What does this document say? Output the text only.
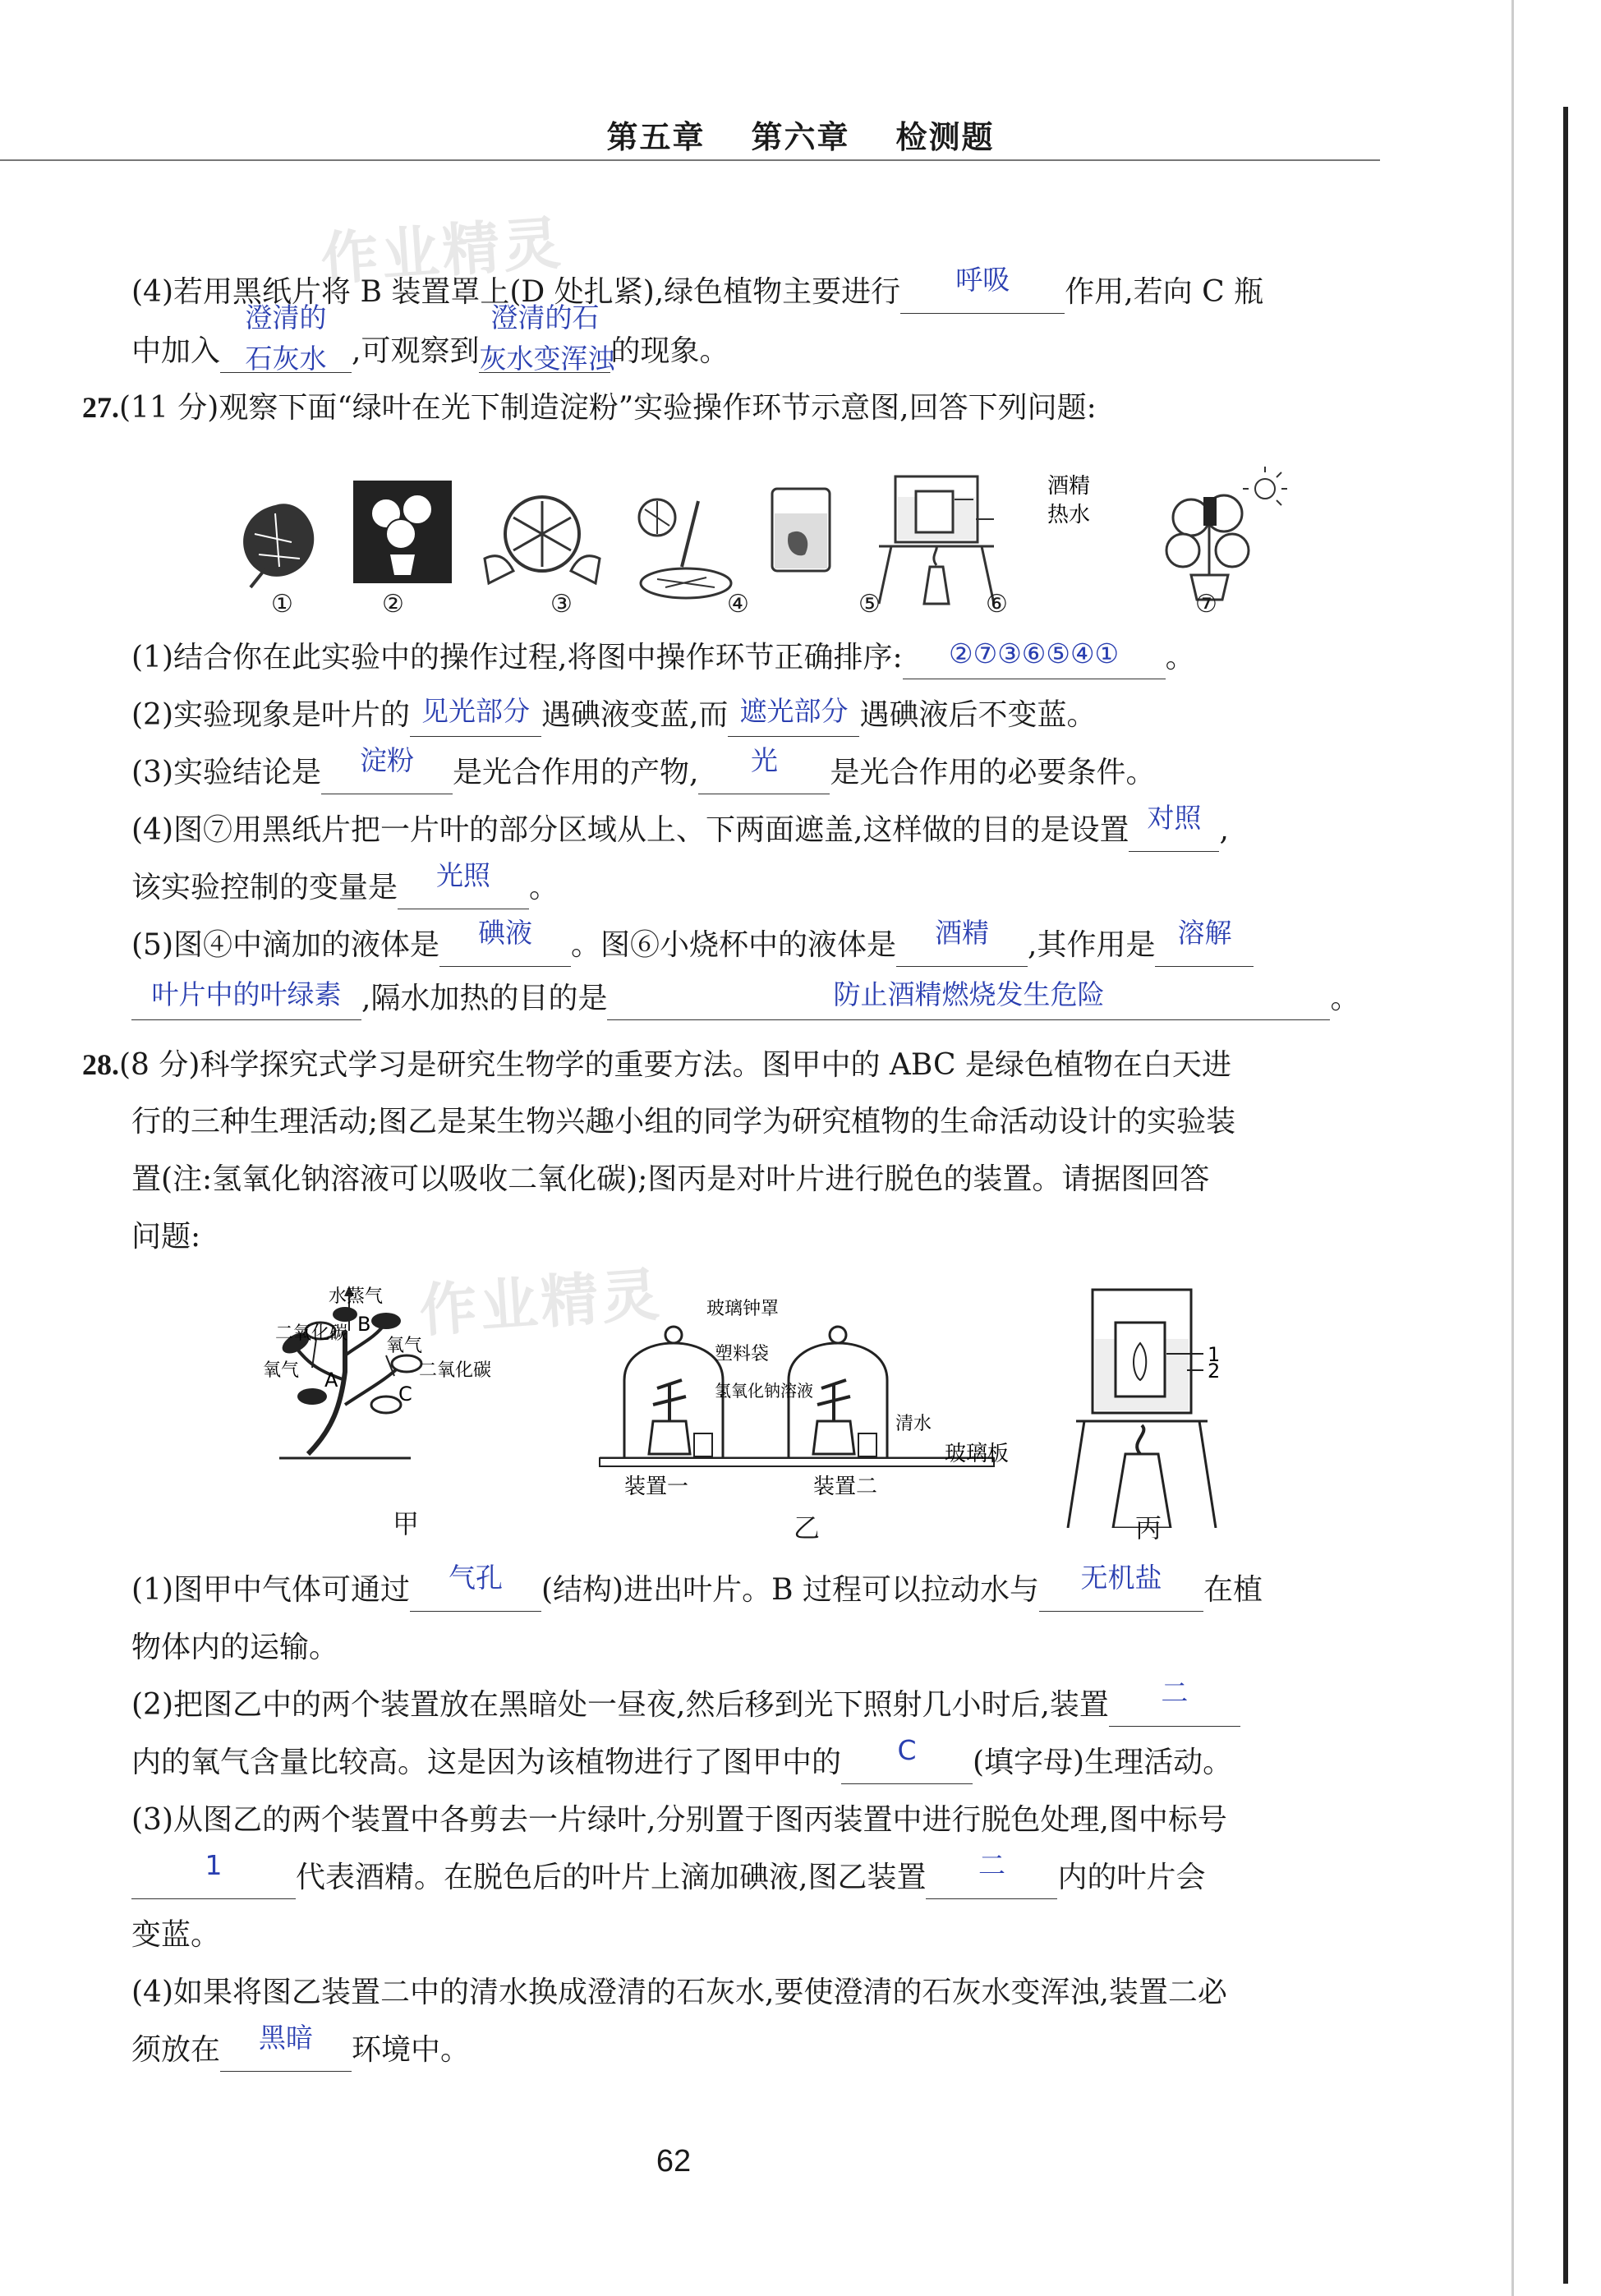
第五章 第六章 检测题
作业精灵
作业精灵
(4)若用黑纸片将 B 装置罩上(D 处扎紧),绿色植物主要进行	呼吸	作用,若向 C 瓶
中加入
澄清的
石灰水 ,可观察到
澄清的石
灰水变浑浊
的现象。
27.(11 分)观察下面“绿叶在光下制造淀粉”实验操作环节示意图,回答下列问题:
酒精
热水
①	②	③	④	⑤	⑥	⑦
(1)结合你在此实验中的操作过程,将图中操作环节正确排序:	②⑦③⑥⑤④①	。
(2)实验现象是叶片的 见光部分 遇碘液变蓝,而 遮光部分 遇碘液后不变蓝。
(3)实验结论是	淀粉	是光合作用的产物,	光	是光合作用的必要条件。
(4)图⑦用黑纸片把一片叶的部分区域从上、下两面遮盖,这样做的目的是设置 对照 ,
该实验控制的变量是	光照	。
(5)图④中滴加的液体是	碘液	。图⑥小烧杯中的液体是	酒精	,其作用是 溶解
叶片中的叶绿素 ,隔水加热的目的是	防止酒精燃烧发生危险	。
28.(8 分)科学探究式学习是研究生物学的重要方法。图甲中的 ABC 是绿色植物在白天进
行的三种生理活动;图乙是某生物兴趣小组的同学为研究植物的生命活动设计的实验装
置(注:氢氧化钠溶液可以吸收二氧化碳);图丙是对叶片进行脱色的装置。请据图回答
问题:
水蒸气
二氧化碳
氧气 A
B
C
氧气
二氧化碳
玻璃钟罩
塑料袋
氢氧化钠溶液
清水
玻璃板
装置一	装置二
1
2
甲	乙	丙
(1)图甲中气体可通过	气孔	(结构)进出叶片。B 过程可以拉动水与	无机盐	在植
物体内的运输。
(2)把图乙中的两个装置放在黑暗处一昼夜,然后移到光下照射几小时后,装置	二
内的氧气含量比较高。这是因为该植物进行了图甲中的	C	(填字母)生理活动。
(3)从图乙的两个装置中各剪去一片绿叶,分别置于图丙装置中进行脱色处理,图中标号
1	代表酒精。在脱色后的叶片上滴加碘液,图乙装置	二	内的叶片会
变蓝。
(4)如果将图乙装置二中的清水换成澄清的石灰水,要使澄清的石灰水变浑浊,装置二必
须放在	黑暗	环境中。
62
